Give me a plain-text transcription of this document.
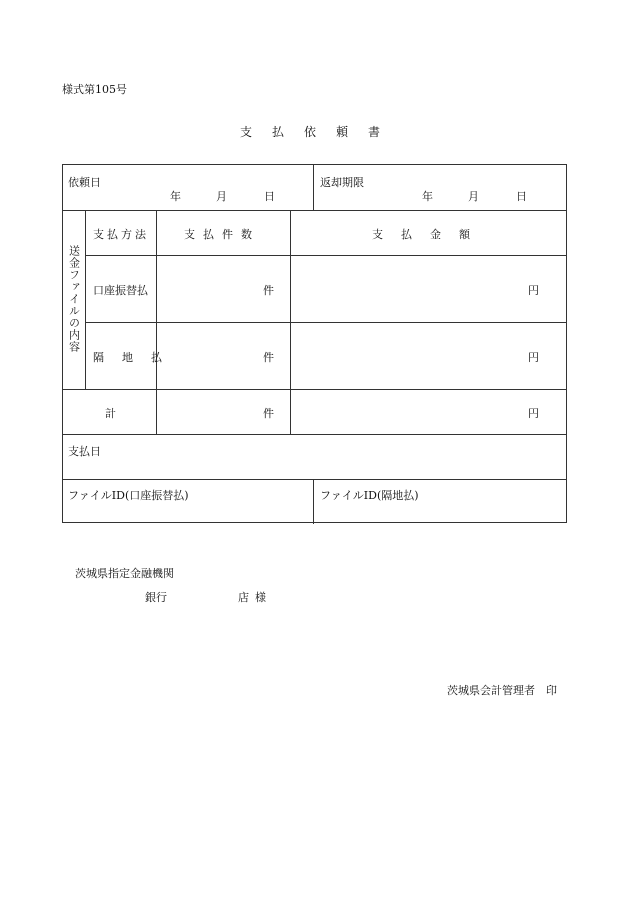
様式第105号
支払依頼書
依頼日
年	月	日
返却期限
年	月	日
送金ファイルの内容
支払方法	支払件数	支払金額
口座振替払	件	円
隔地払	件	円
計	件	円
支払日
ファイルID(口座振替払)	ファイルID(隔地払)
茨城県指定金融機関
銀行	店様
茨城県会計管理者　印
